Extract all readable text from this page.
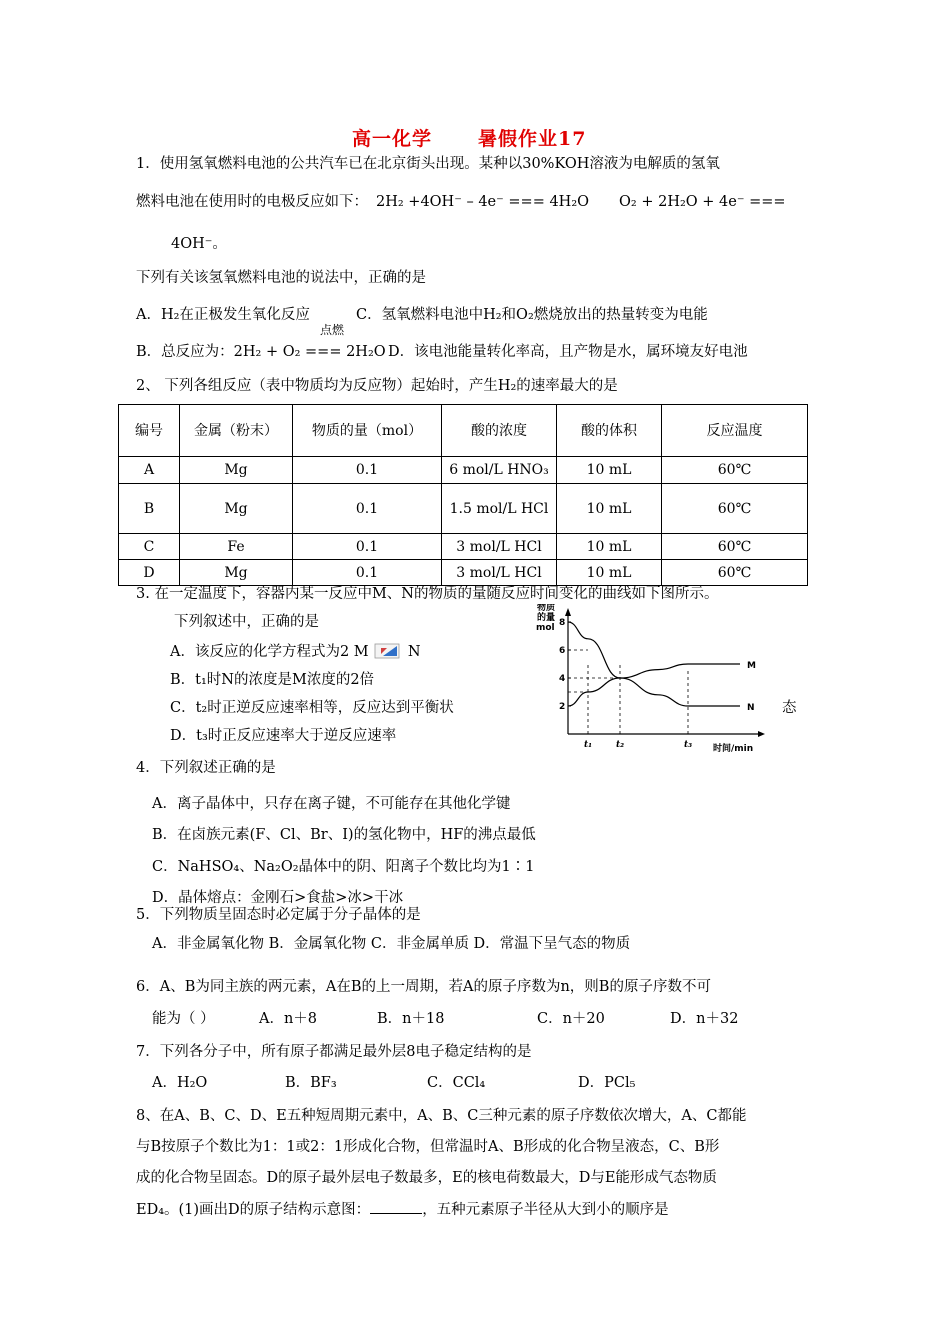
高一化学 暑假作业17
1．使用氢氧燃料电池的公共汽车已在北京街头出现。某种以30%KOH溶液为电解质的氢氧
燃料电池在使用时的电极反应如下： 2H₂ +4OH⁻ – 4e⁻ === 4H₂O O₂ + 2H₂O + 4e⁻ ===
4OH⁻。
下列有关该氢氧燃料电池的说法中，正确的是
A．H₂在正极发生氧化反应	C．氢氧燃料电池中H₂和O₂燃烧放出的热量转变为电能
点燃
B．总反应为：2H₂ + O₂ === 2H₂O D．该电池能量转化率高，且产物是水，属环境友好电池
2、 下列各组反应（表中物质均为反应物）起始时，产生H₂的速率最大的是
编号	金属（粉末）	物质的量（mol）	酸的浓度	酸的体积	反应温度
A	Mg	0.1	6 mol/L HNO₃	10 mL	60℃
B	Mg	0.1	1.5 mol/L HCl	10 mL	60℃
C	Fe	0.1	3 mol/L HCl	10 mL	60℃
D	Mg	0.1	3 mol/L HCl	10 mL	60℃
3. 在一定温度下，容器内某一反应中M、N的物质的量随反应时间变化的曲线如下图所示。
下列叙述中，正确的是
A．该反应的化学方程式为2 M	N
B．t₁时N的浓度是M浓度的2倍
C．t₂时正逆反应速率相等，反应达到平衡状	态
D．t₃时正反应速率大于逆反应速率
物质的量 mol
时间/min
2
4
6
8
t₁	t₂	t₃
M
N
4．下列叙述正确的是
A．离子晶体中，只存在离子键，不可能存在其他化学键
B．在卤族元素(F、Cl、Br、I)的氢化物中，HF的沸点最低
C．NaHSO₄、Na₂O₂晶体中的阴、阳离子个数比均为1∶1
D．晶体熔点：金刚石>食盐>冰>干冰
5．下列物质呈固态时必定属于分子晶体的是
A．非金属氧化物 B．金属氧化物 C．非金属单质 D．常温下呈气态的物质
6．A、B为同主族的两元素，A在B的上一周期，若A的原子序数为n，则B的原子序数不可
能为（ ）	A．n＋8	B．n＋18	C．n＋20	D．n＋32
7．下列各分子中，所有原子都满足最外层8电子稳定结构的是
A．H₂O	B．BF₃	C．CCl₄	D．PCl₅
8、在A、B、C、D、E五种短周期元素中，A、B、C三种元素的原子序数依次增大，A、C都能
与B按原子个数比为1：1或2：1形成化合物，但常温时A、B形成的化合物呈液态，C、B形
成的化合物呈固态。D的原子最外层电子数最多，E的核电荷数最大，D与E能形成气态物质
ED₄。(1)画出D的原子结构示意图：	，五种元素原子半径从大到小的顺序是
